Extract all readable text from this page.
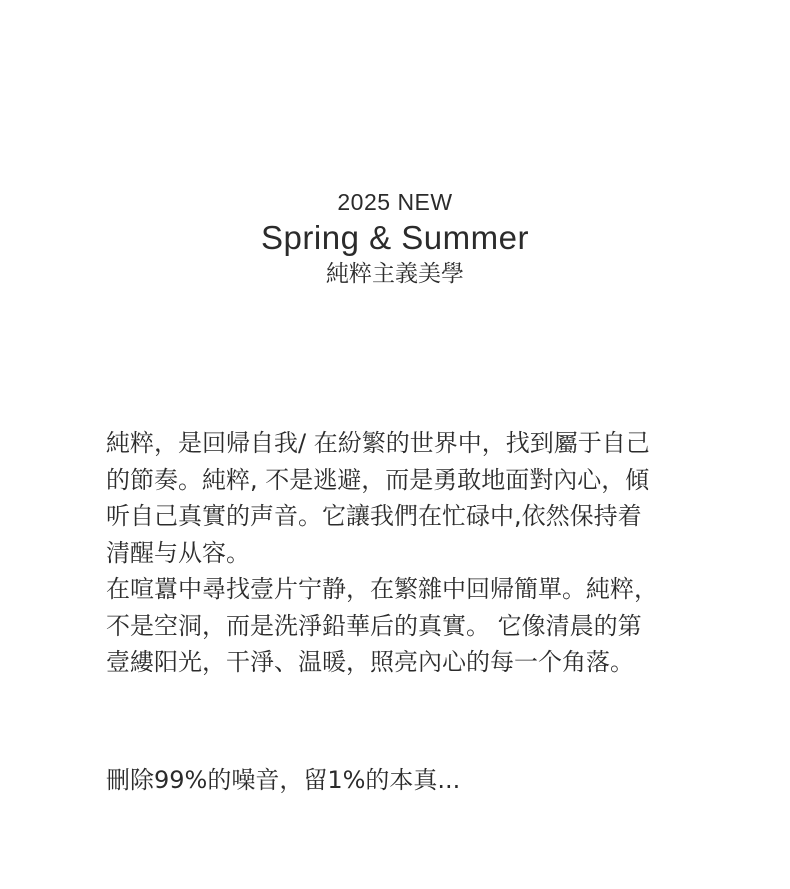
2025 NEW
Spring & Summer
純粹主義美學

純粹，是回帰自我/ 在紛繁的世界中，找到屬于自己
的節奏。純粹, 不是逃避，而是勇敢地面對內心，傾
听自己真實的声音。它讓我們在忙碌中,依然保持着
清醒与从容。

在喧囂中尋找壹片宁静，在繁雜中回帰簡單。純粹，
不是空洞，而是洗淨鉛華后的真實。 它像清晨的第
壹縷阳光，干淨、温暖，照亮內心的每一个角落。

刪除99%的噪音，留1%的本真...
